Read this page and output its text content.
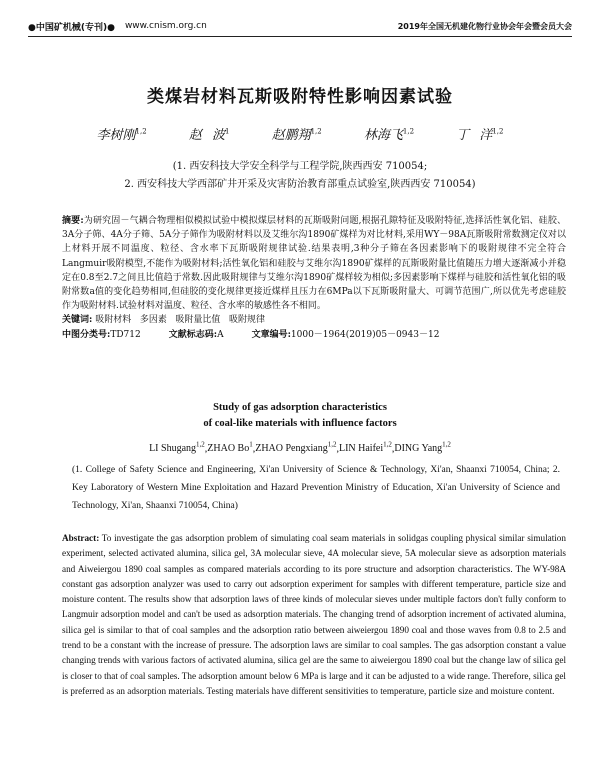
●中国矿机械(专刊)● www.cnism.org.cn	2019年全国无机建化物行业协会年会暨会员大会
类煤岩材料瓦斯吸附特性影响因素试验
李树刚$^{1,2}$	赵 波$^1$	赵鹏翔$^{1,2}$	林海飞$^{1,2}$	丁 洋$^{1,2}$
(1. 西安科技大学安全科学与工程学院,陕西西安 710054;
2. 西安科技大学西部矿井开采及灾害防治教育部重点试验室,陕西西安 710054)
摘要:为研究固－气耦合物理相似模拟试验中模拟煤层材料的瓦斯吸附问题,根据孔隙特征及吸附特征,选择活性氧化铝、硅胶、3A分子筛、4A分子筛、5A分子筛作为吸附材料以及艾维尔沟1890矿煤样为对比材料,采用WY－98A瓦斯吸附常数测定仪对以上材料开展不同温度、粒径、含水率下瓦斯吸附规律试验.结果表明,3种分子筛在各因素影响下的吸附规律不完全符合Langmuir吸附模型,不能作为吸附材料;活性氧化铝和硅胶与艾维尔沟1890矿煤样的瓦斯吸附量比值随压力增大逐渐减小并稳定在0.8至2.7之间且比值趋于常数.因此吸附规律与艾维尔沟1890矿煤样较为相似;多因素影响下煤样与硅胶和活性氧化铝的吸附常数a值的变化趋势相同,但硅胶的变化规律更接近煤样且压力在6MPa以下瓦斯吸附量大、可调节范围广,所以优先考虑硅胶作为吸附材料.试验材料对温度、粒径、含水率的敏感性各不相同。
关键词: 吸附材料 多因素 吸附量比值 吸附规律
中图分类号:TD712	文献标志码:A	文章编号:1000－1964(2019)05－0943－12
Study of gas adsorption characteristics
of coal-like materials with influence factors
LI Shugang$^{1,2}$,ZHAO Bo$^1$,ZHAO Pengxiang$^{1,2}$,LIN Haifei$^{1,2}$,DING Yang$^{1,2}$
(1. College of Safety Science and Engineering, Xi'an University of Science & Technology, Xi'an, Shaanxi 710054, China; 2. Key Laboratory of Western Mine Exploitation and Hazard Prevention Ministry of Education, Xi'an University of Science and Technology, Xi'an, Shaanxi 710054, China)
Abstract: To investigate the gas adsorption problem of simulating coal seam materials in solidgas coupling physical similar simulation experiment, selected activated alumina, silica gel, 3A molecular sieve, 4A molecular sieve, 5A molecular sieve as adsorption materials and Aiweiergou 1890 coal samples as compared materials according to its pore structure and adsorption characteristics. The WY-98A constant gas adsorption analyzer was used to carry out adsorption experiment for samples with different temperature, particle size and moisture content. The results show that adsorption laws of three kinds of molecular sieves under multiple factors don't fully conform to Langmuir adsorption model and can't be used as adsorption materials. The changing trend of adsorption increment of activated alumina, silica gel is similar to that of coal samples and the adsorption ratio between aiweiergou 1890 coal and those waves from 0.8 to 2.5 and trend to be a constant with the increase of pressure. The adsorption laws are similar to coal samples. The gas adsorption constant a value changing trends with various factors of activated alumina, silica gel are the same to aiweiergou 1890 coal but the change law of silica gel is closer to that of coal samples. The adsorption amount below 6 MPa is large and it can be adjusted to a wide range. Therefore, silica gel is preferred as an adsorption materials. Testing materials have different sensitivities to temperature, particle size and moisture content.
